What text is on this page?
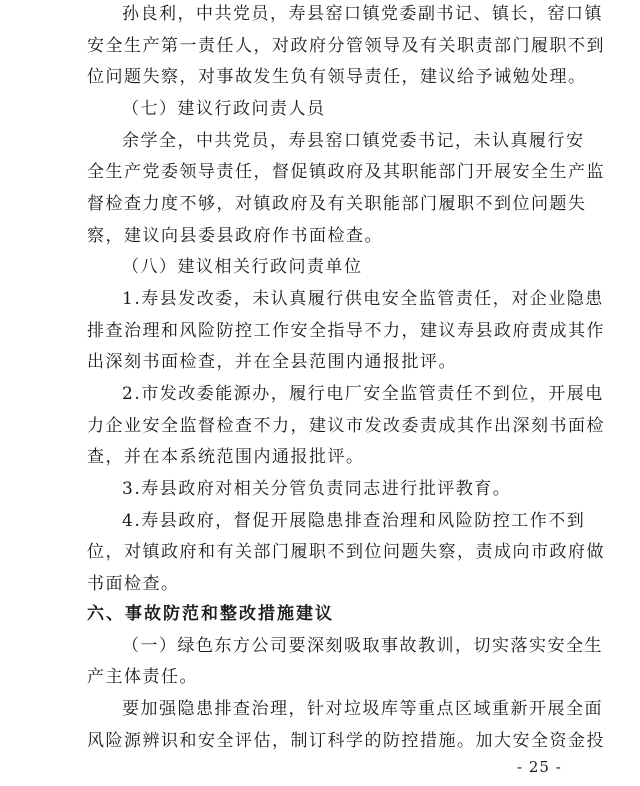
孙良利，中共党员，寿县窑口镇党委副书记、镇长，窑口镇
安全生产第一责任人，对政府分管领导及有关职责部门履职不到
位问题失察，对事故发生负有领导责任，建议给予诫勉处理。
（七）建议行政问责人员
余学全，中共党员，寿县窑口镇党委书记，未认真履行安
全生产党委领导责任，督促镇政府及其职能部门开展安全生产监
督检查力度不够，对镇政府及有关职能部门履职不到位问题失
察，建议向县委县政府作书面检查。
（八）建议相关行政问责单位
1.寿县发改委，未认真履行供电安全监管责任，对企业隐患
排查治理和风险防控工作安全指导不力，建议寿县政府责成其作
出深刻书面检查，并在全县范围内通报批评。
2.市发改委能源办，履行电厂安全监管责任不到位，开展电
力企业安全监督检查不力，建议市发改委责成其作出深刻书面检
查，并在本系统范围内通报批评。
3.寿县政府对相关分管负责同志进行批评教育。
4.寿县政府，督促开展隐患排查治理和风险防控工作不到
位，对镇政府和有关部门履职不到位问题失察，责成向市政府做
书面检查。
六、事故防范和整改措施建议
（一）绿色东方公司要深刻吸取事故教训，切实落实安全生
产主体责任。
要加强隐患排查治理，针对垃圾库等重点区域重新开展全面
风险源辨识和安全评估，制订科学的防控措施。加大安全资金投
- 25 -
